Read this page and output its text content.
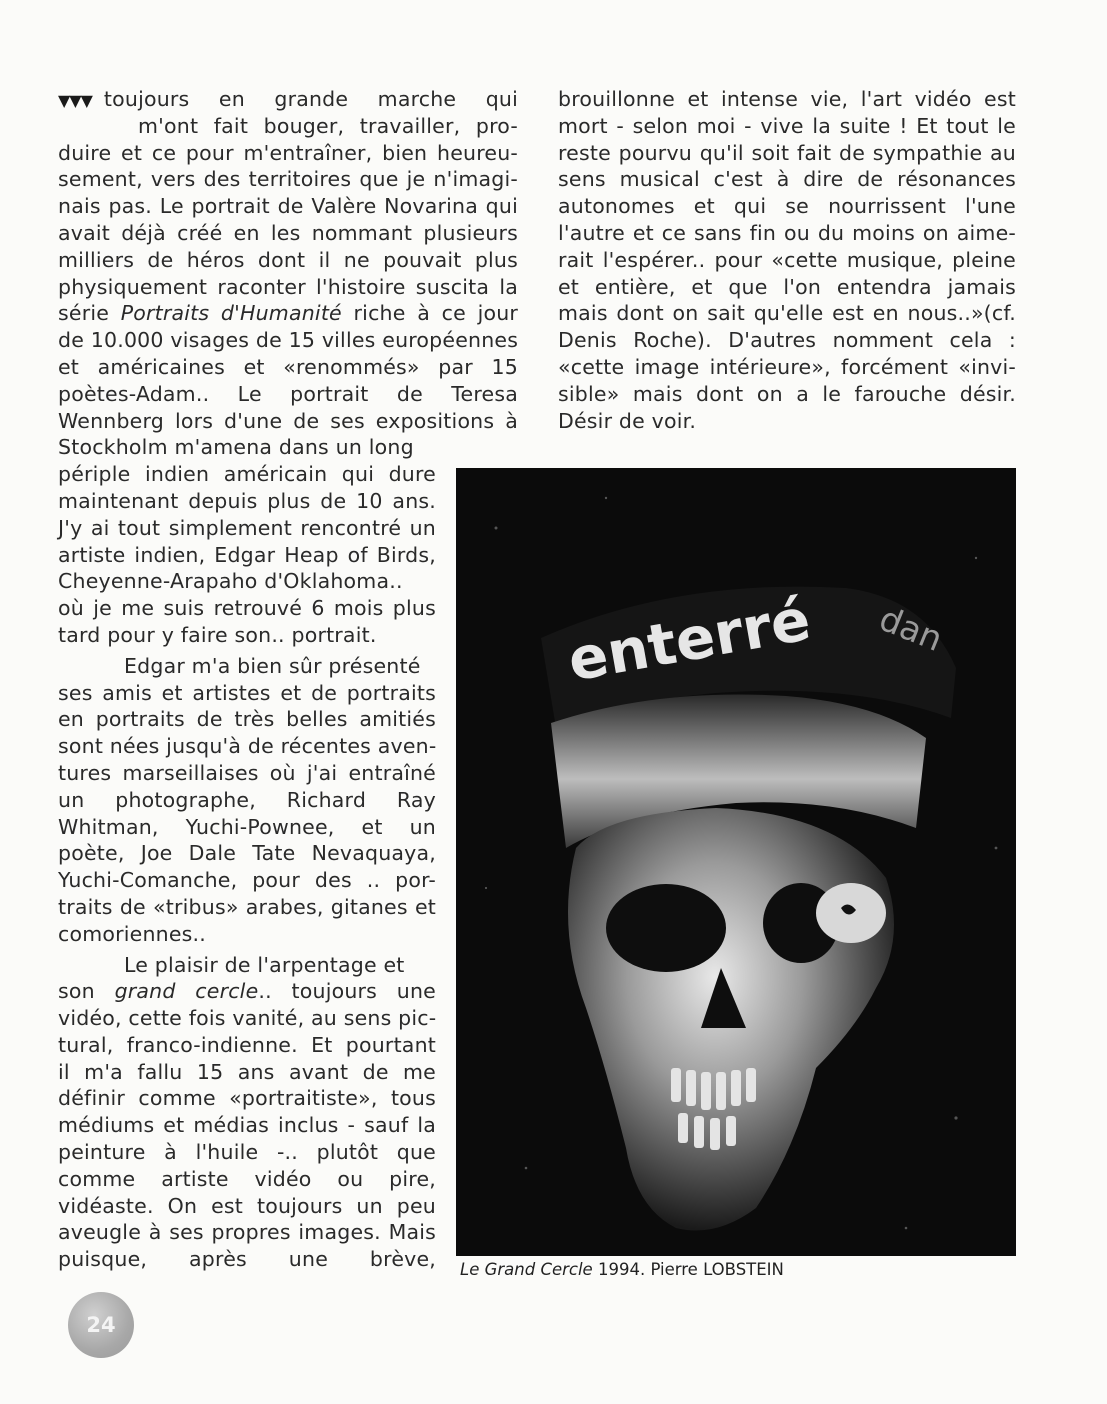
▼▼▼ toujours en grande marche qui
m'ont fait bouger, travailler, pro-
duire et ce pour m'entraîner, bien heureu-
sement, vers des territoires que je n'imagi-
nais pas. Le portrait de Valère Novarina qui
avait déjà créé en les nommant plusieurs
milliers de héros dont il ne pouvait plus
physiquement raconter l'histoire suscita la
série Portraits d'Humanité riche à ce jour
de 10.000 visages de 15 villes européennes
et américaines et «renommés» par 15
poètes-Adam.. Le portrait de Teresa
Wennberg lors d'une de ses expositions à
Stockholm m'amena dans un long
périple indien américain qui dure
maintenant depuis plus de 10 ans.
J'y ai tout simplement rencontré un
artiste indien, Edgar Heap of Birds,
Cheyenne-Arapaho d'Oklahoma..
où je me suis retrouvé 6 mois plus
tard pour y faire son.. portrait.
Edgar m'a bien sûr présenté
ses amis et artistes et de portraits
en portraits de très belles amitiés
sont nées jusqu'à de récentes aven-
tures marseillaises où j'ai entraîné
un photographe, Richard Ray
Whitman, Yuchi-Pownee, et un
poète, Joe Dale Tate Nevaquaya,
Yuchi-Comanche, pour des .. por-
traits de «tribus» arabes, gitanes et
comoriennes..
Le plaisir de l'arpentage et
son grand cercle.. toujours une
vidéo, cette fois vanité, au sens pic-
tural, franco-indienne. Et pourtant
il m'a fallu 15 ans avant de me
définir comme «portraitiste», tous
médiums et médias inclus - sauf la
peinture à l'huile -.. plutôt que
comme artiste vidéo ou pire,
vidéaste. On est toujours un peu
aveugle à ses propres images. Mais
puisque, après une brève,
brouillonne et intense vie, l'art vidéo est
mort - selon moi - vive la suite ! Et tout le
reste pourvu qu'il soit fait de sympathie au
sens musical c'est à dire de résonances
autonomes et qui se nourrissent l'une
l'autre et ce sans fin ou du moins on aime-
rait l'espérer.. pour «cette musique, pleine
et entière, et que l'on entendra jamais
mais dont on sait qu'elle est en nous..»(cf.
Denis Roche). D'autres nomment cela :
«cette image intérieure», forcément «invi-
sible» mais dont on a le farouche désir.
Désir de voir.
enterré dan
Le Grand Cercle 1994. Pierre LOBSTEIN
24
